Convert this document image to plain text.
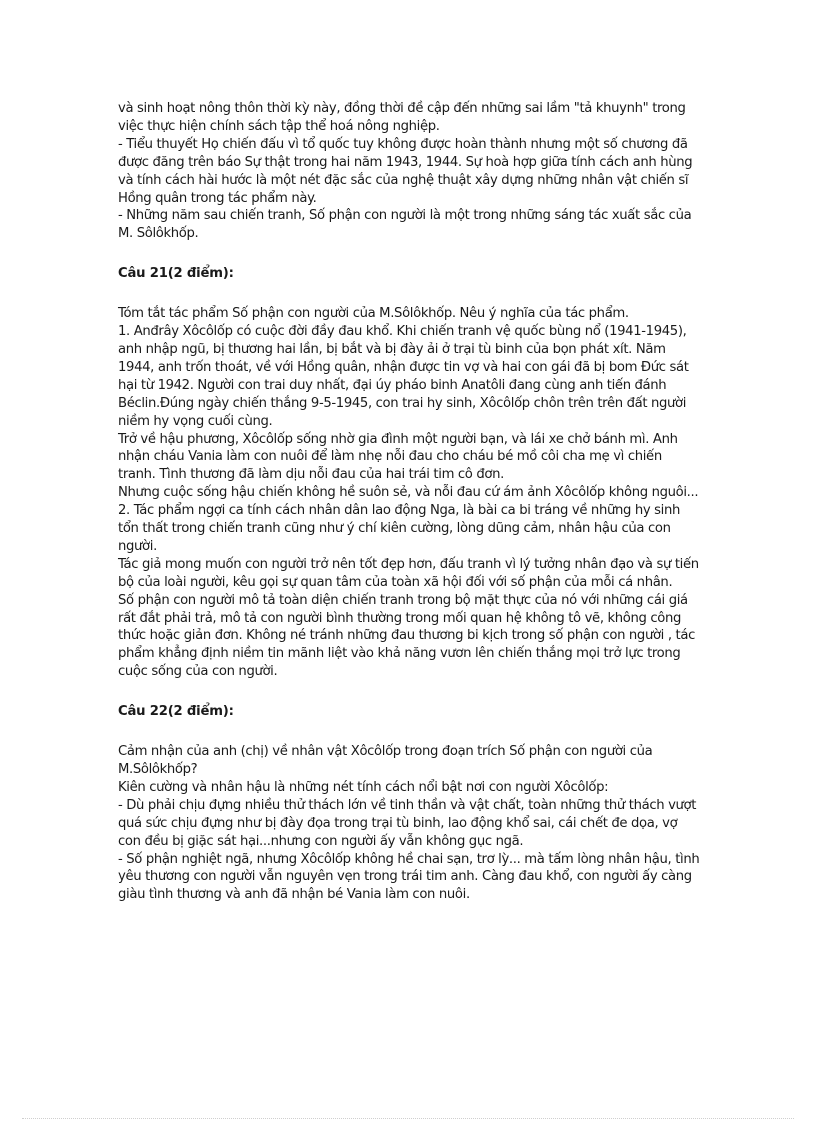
và sinh hoạt nông thôn thời kỳ này, đồng thời đề cập đến những sai lầm "tả khuynh" trong việc thực hiện chính sách tập thể hoá nông nghiệp.

- Tiểu thuyết Họ chiến đấu vì tổ quốc tuy không được hoàn thành nhưng một số chương đã được đăng trên báo Sự thật trong hai năm 1943, 1944. Sự hoà hợp giữa tính cách anh hùng và tính cách hài hước là một nét đặc sắc của nghệ thuật xây dựng những nhân vật chiến sĩ Hồng quân trong tác phẩm này.

- Những năm sau chiến tranh, Số phận con người là một trong những sáng tác xuất sắc của M. Sôlôkhốp.

Câu 21(2 điểm):

Tóm tắt tác phẩm Số phận con người của M.Sôlôkhốp. Nêu ý nghĩa của tác phẩm.

1. Anđrây Xôcôlốp có cuộc đời đầy đau khổ. Khi chiến tranh vệ quốc bùng nổ (1941-1945), anh nhập ngũ, bị thương hai lần, bị bắt và bị đày ải ở trại tù binh của bọn phát xít. Năm 1944, anh trốn thoát, về với Hồng quân, nhận được tin vợ và hai con gái đã bị bom Đức sát hại từ 1942. Người con trai duy nhất, đại úy pháo binh Anatôli đang cùng anh tiến đánh Béclin.Đúng ngày chiến thắng 9-5-1945, con trai hy sinh, Xôcôlốp chôn trên trên đất người niềm hy vọng cuối cùng.

Trở về hậu phương, Xôcôlốp sống nhờ gia đình một người bạn, và lái xe chở bánh mì. Anh nhận cháu Vania làm con nuôi để làm nhẹ nỗi đau cho cháu bé mồ côi cha mẹ vì chiến tranh. Tình thương đã làm dịu nỗi đau của hai trái tim cô đơn.

Nhưng cuộc sống hậu chiến không hề suôn sẻ, và nỗi đau cứ ám ảnh Xôcôlốp không nguôi...

2. Tác phẩm ngợi ca tính cách nhân dân lao động Nga, là bài ca bi tráng về những hy sinh tổn thất trong chiến tranh cũng như ý chí kiên cường, lòng dũng cảm, nhân hậu của con người.

Tác giả mong muốn con người trở nên tốt đẹp hơn, đấu tranh vì lý tưởng nhân đạo và sự tiến bộ của loài người, kêu gọi sự quan tâm của toàn xã hội đối với số phận của mỗi cá nhân.

Số phận con người mô tả toàn diện chiến tranh trong bộ mặt thực của nó với những cái giá rất đắt phải trả, mô tả con người bình thường trong mối quan hệ không tô vẽ, không công thức hoặc giản đơn. Không né tránh những đau thương bi kịch trong số phận con người , tác phẩm khẳng định niềm tin mãnh liệt vào khả năng vươn lên chiến thắng mọi trở lực trong cuộc sống của con người.

Câu 22(2 điểm):

Cảm nhận của anh (chị) về nhân vật Xôcôlốp trong đoạn trích Số phận con người của M.Sôlôkhốp?

Kiên cường và nhân hậu là những nét tính cách nổi bật nơi con người Xôcôlốp:

- Dù phải chịu đựng nhiều thử thách lớn về tinh thần và vật chất, toàn những thử thách vượt quá sức chịu đựng như bị đày đọa trong trại tù binh, lao động khổ sai, cái chết đe dọa, vợ con đều bị giặc sát hại...nhưng con người ấy vẫn không gục ngã.

- Số phận nghiệt ngã, nhưng Xôcôlốp không hề chai sạn, trơ lỳ... mà tấm lòng nhân hậu, tình yêu thương con người vẫn nguyên vẹn trong trái tim anh. Càng đau khổ, con người ấy càng giàu tình thương và anh đã nhận bé Vania làm con nuôi.
